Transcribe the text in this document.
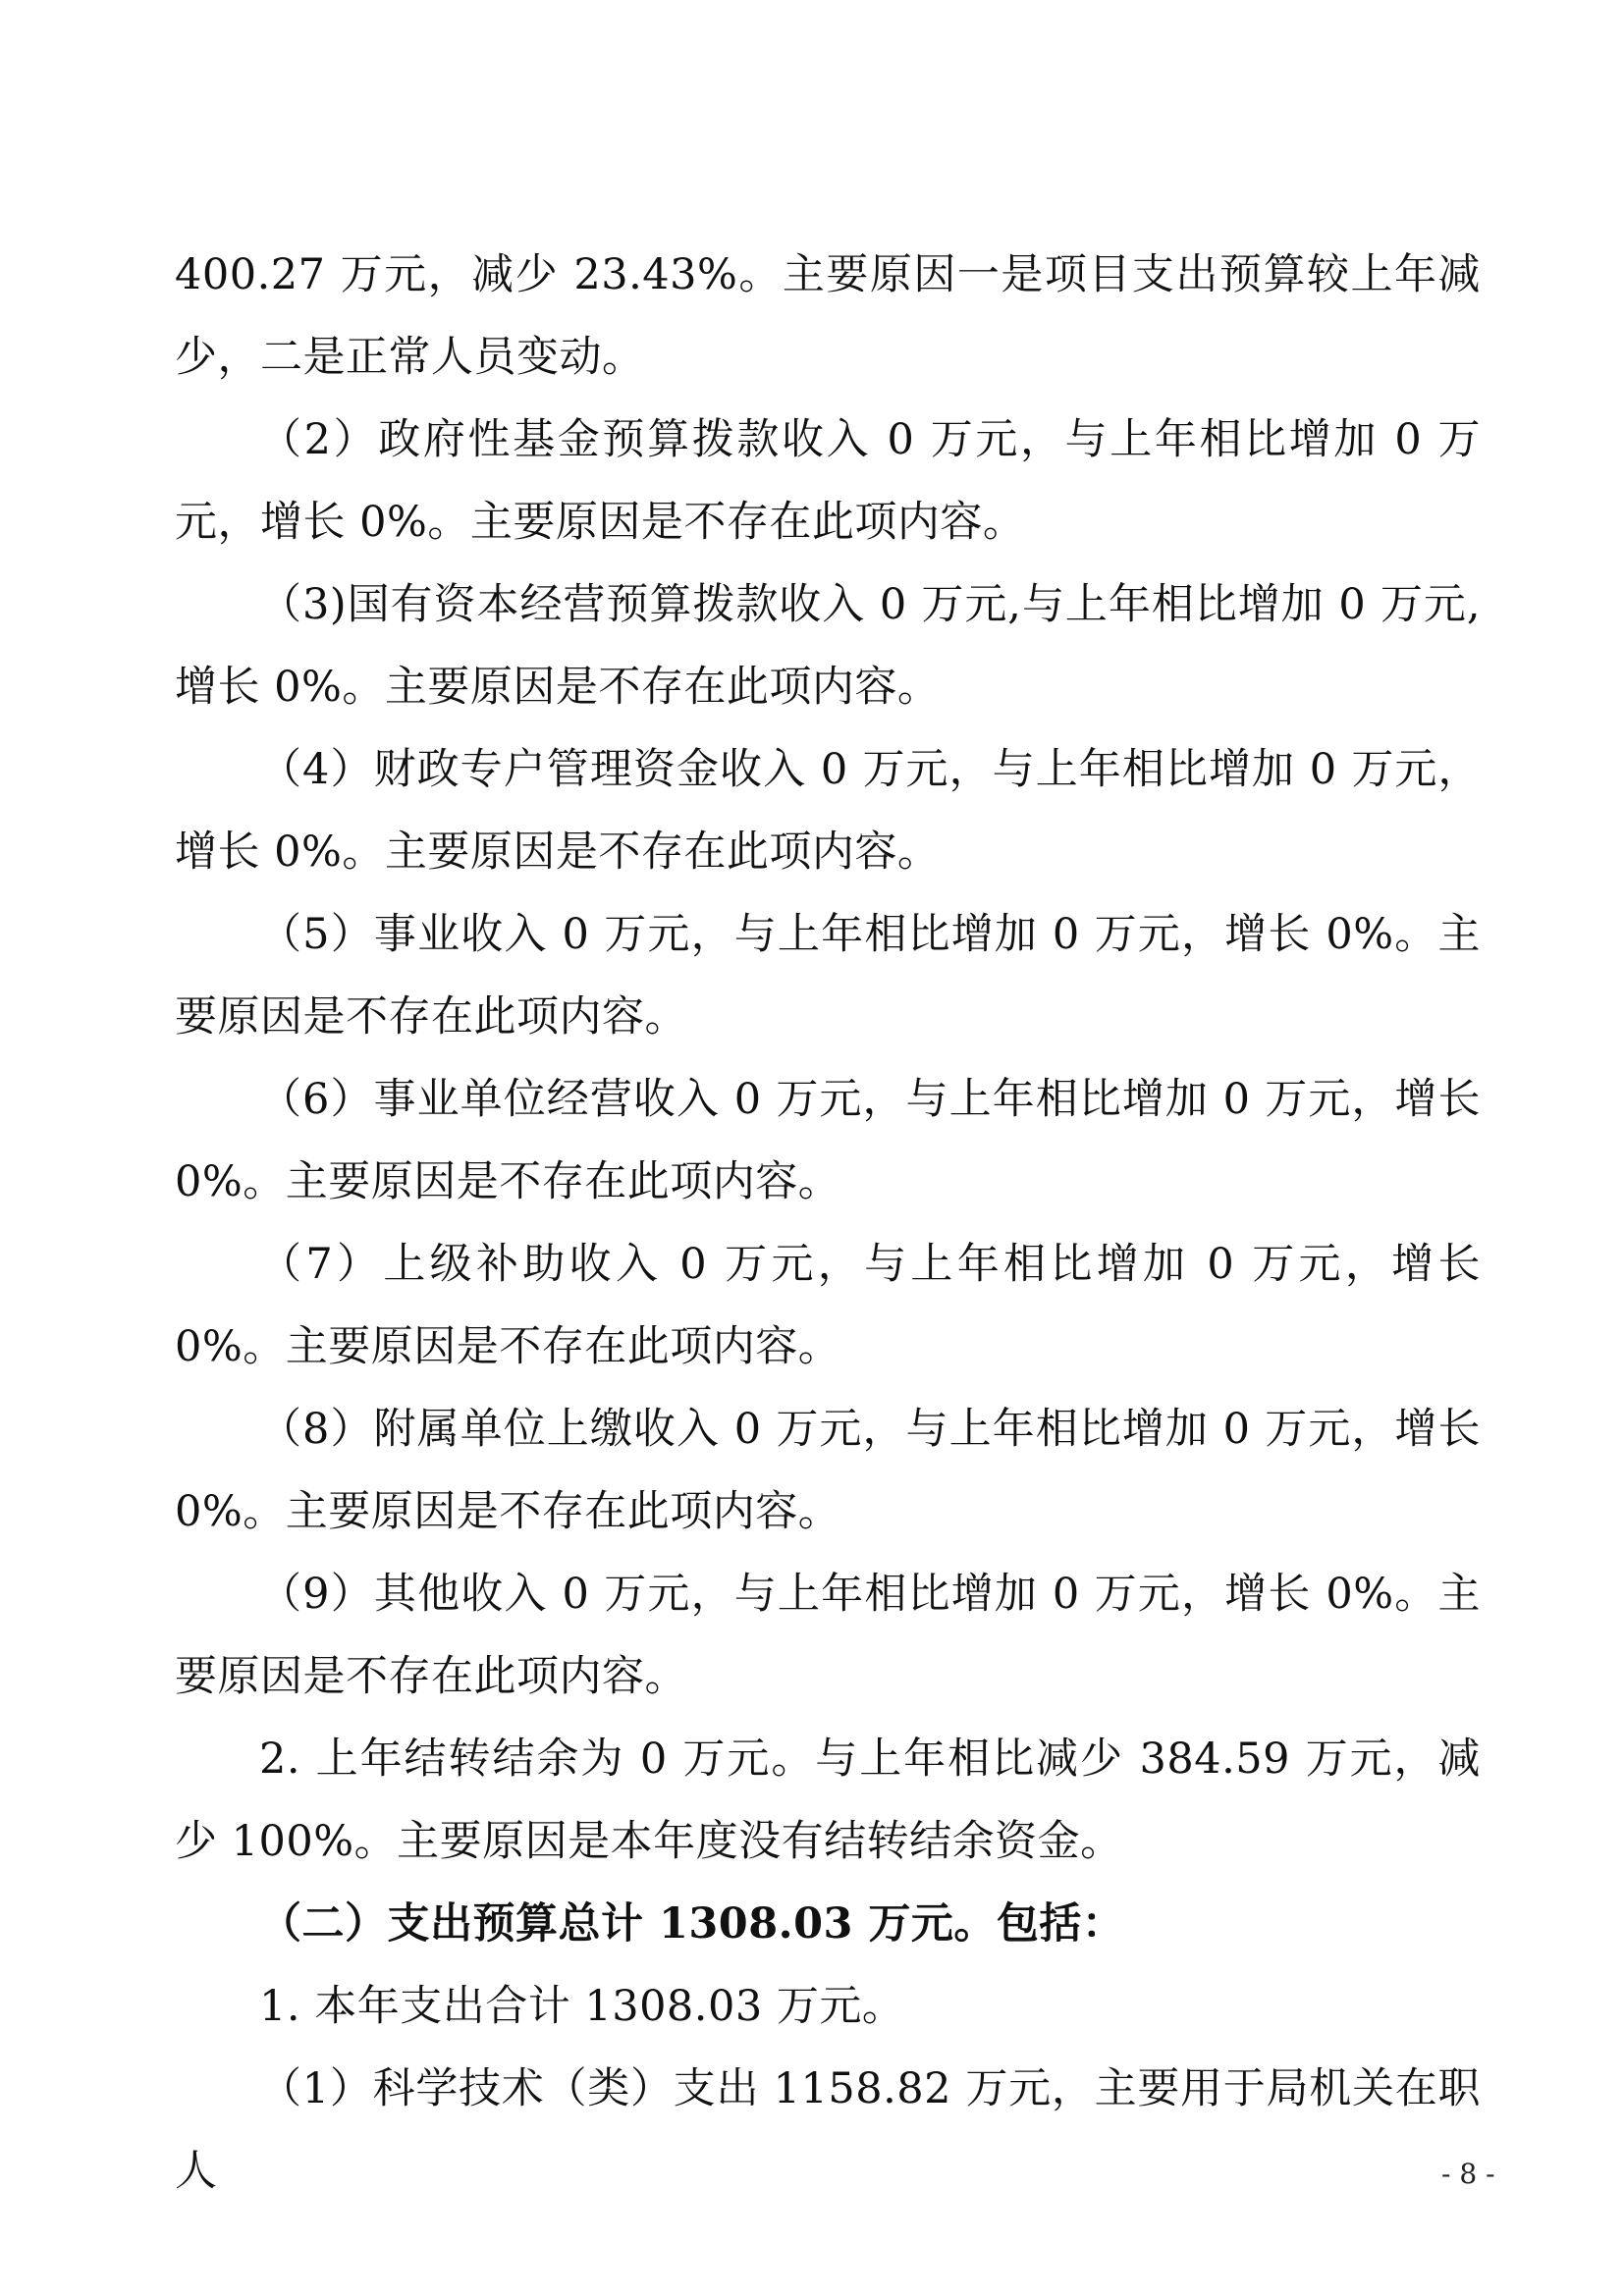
400.27 万元，减少 23.43%。主要原因一是项目支出预算较上年减少，二是正常人员变动。

（2）政府性基金预算拨款收入 0 万元，与上年相比增加 0 万元，增长 0%。主要原因是不存在此项内容。

（3)国有资本经营预算拨款收入 0 万元,与上年相比增加 0 万元,增长 0%。主要原因是不存在此项内容。

（4）财政专户管理资金收入 0 万元，与上年相比增加 0 万元，增长 0%。主要原因是不存在此项内容。

（5）事业收入 0 万元，与上年相比增加 0 万元，增长 0%。主要原因是不存在此项内容。

（6）事业单位经营收入 0 万元，与上年相比增加 0 万元，增长 0%。主要原因是不存在此项内容。

（7）上级补助收入 0 万元，与上年相比增加 0 万元，增长 0%。主要原因是不存在此项内容。

（8）附属单位上缴收入 0 万元，与上年相比增加 0 万元，增长 0%。主要原因是不存在此项内容。

（9）其他收入 0 万元，与上年相比增加 0 万元，增长 0%。主要原因是不存在此项内容。

2. 上年结转结余为 0 万元。与上年相比减少 384.59 万元，减少 100%。主要原因是本年度没有结转结余资金。

（二）支出预算总计 1308.03 万元。包括：

1. 本年支出合计 1308.03 万元。

（1）科学技术（类）支出 1158.82 万元，主要用于局机关在职人	- 8 -
